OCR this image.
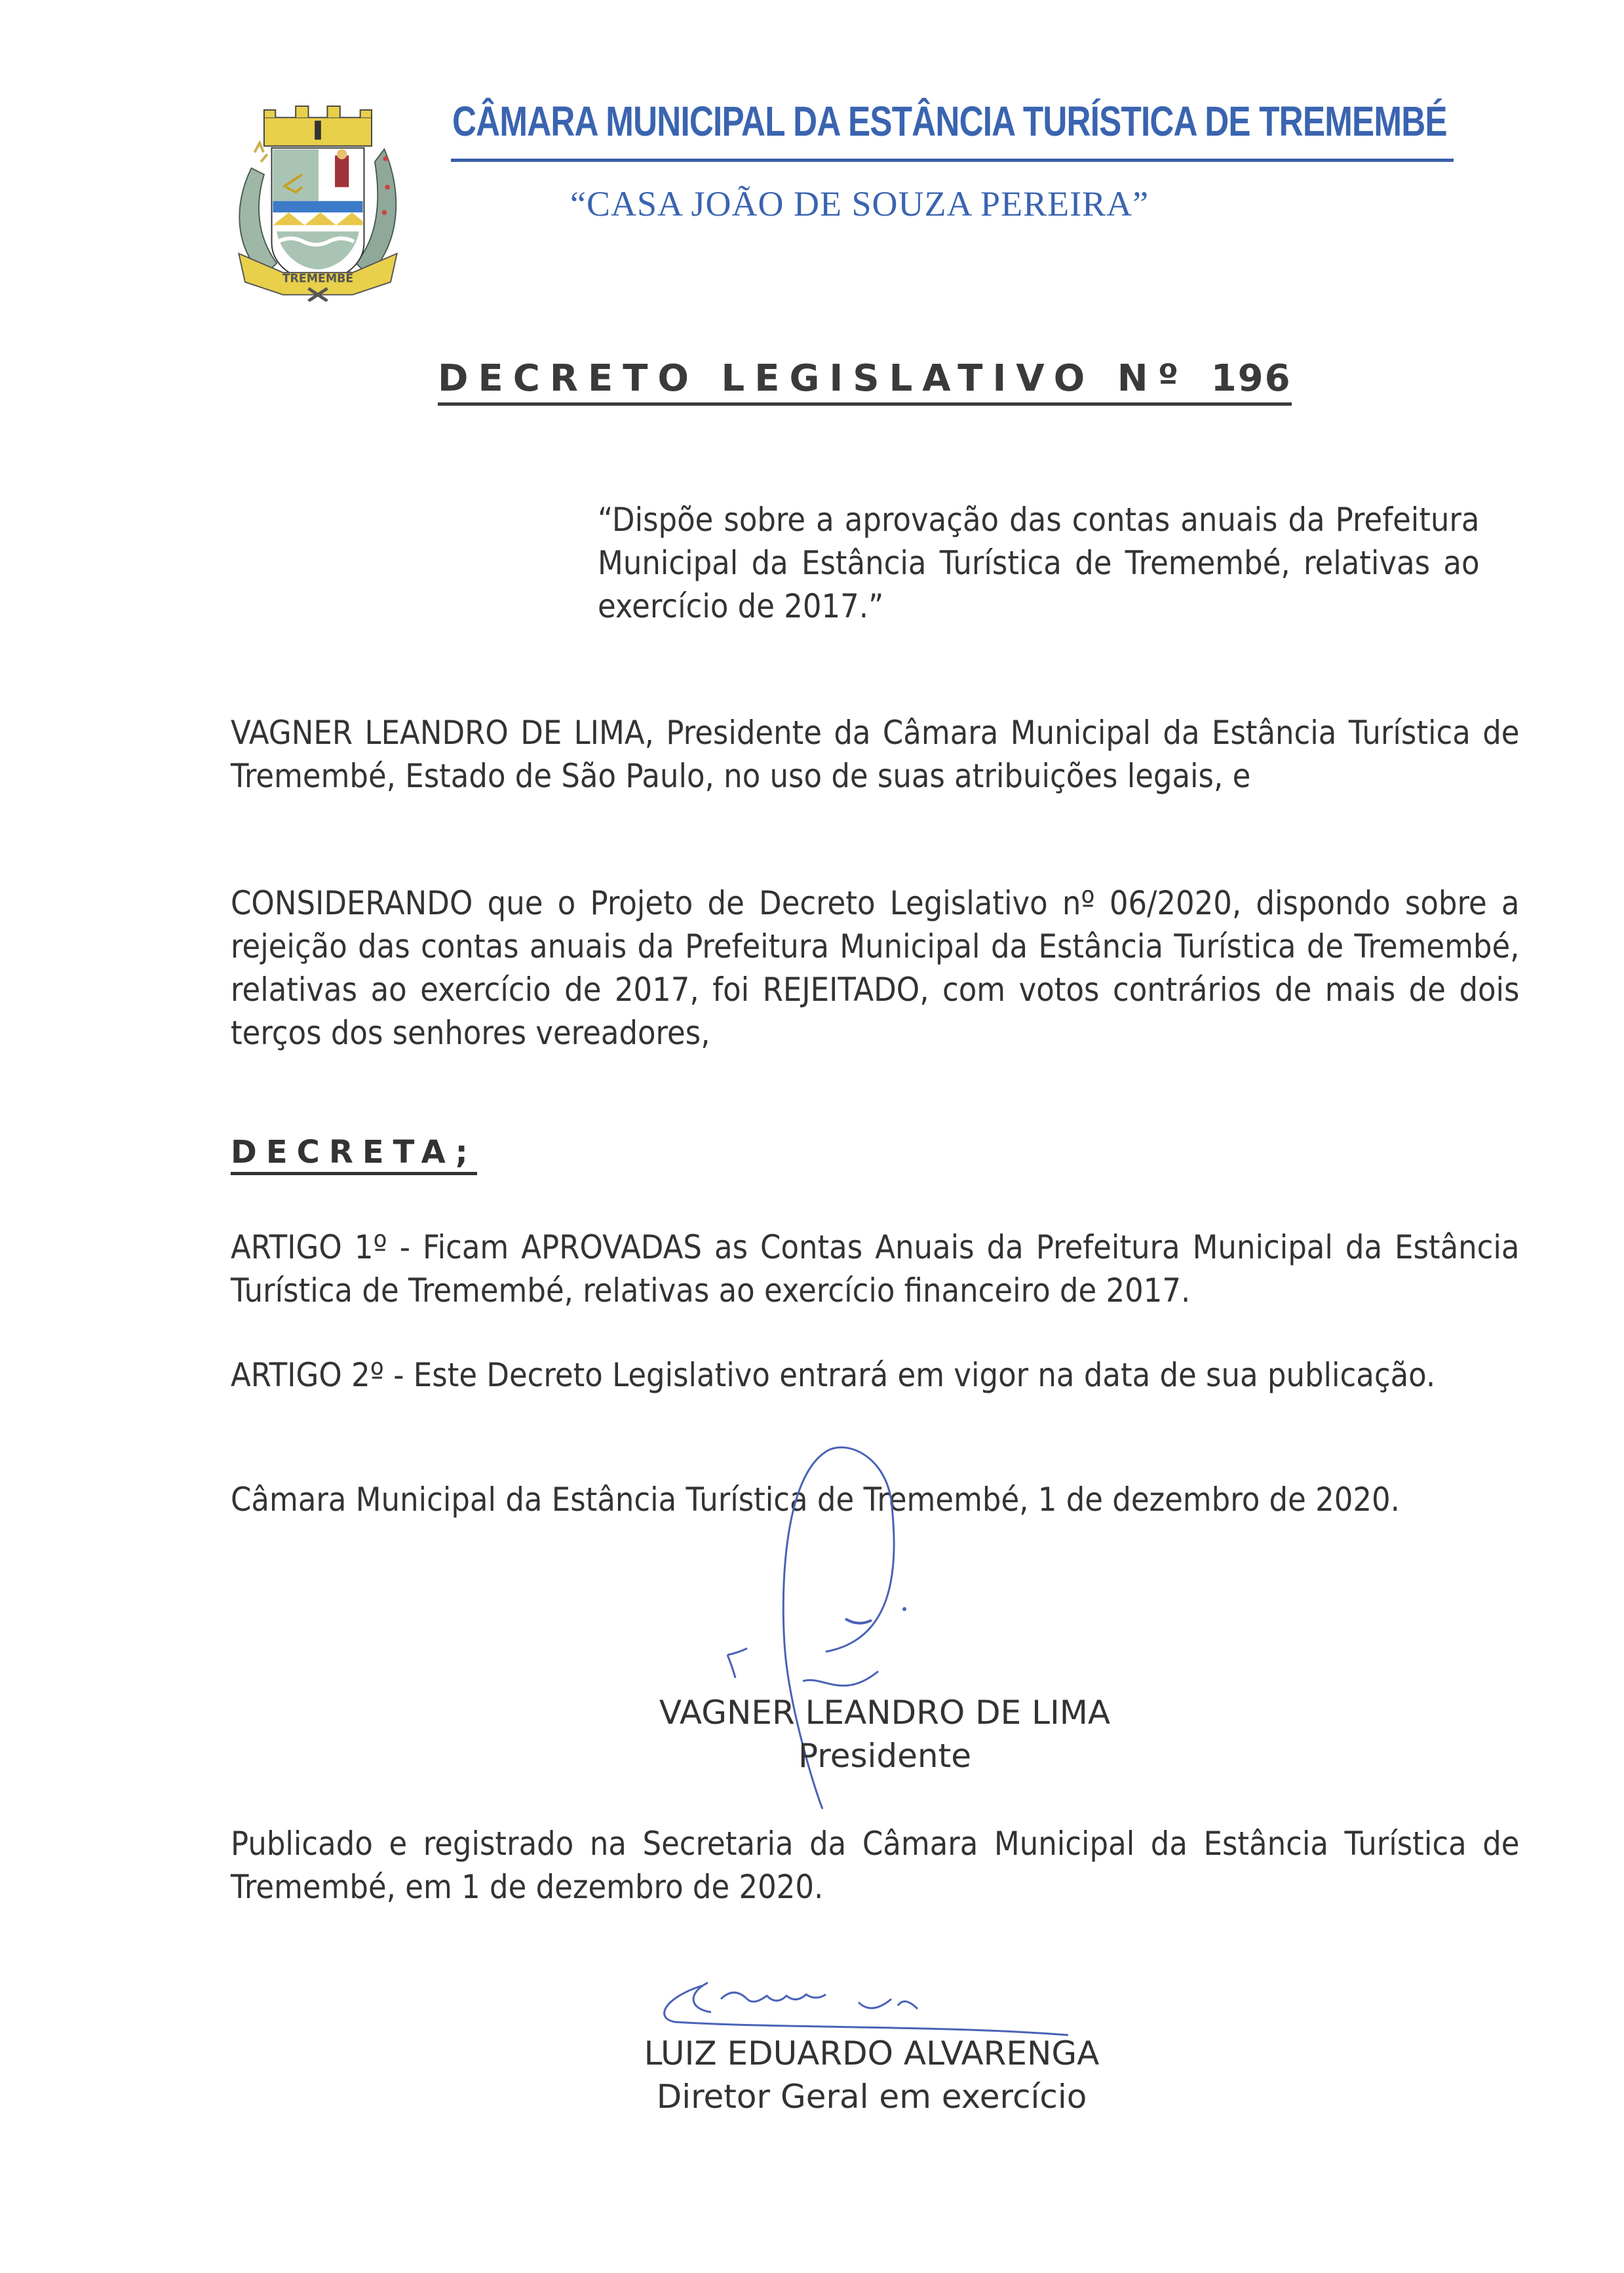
TREMEMBÉ
CÂMARA MUNICIPAL DA ESTÂNCIA TURÍSTICA DE TREMEMBÉ
“CASA JOÃO DE SOUZA PEREIRA”
DECRETO LEGISLATIVO Nº 196
“Dispõe sobre a aprovação das contas anuais da Prefeitura Municipal da Estância Turística de Tremembé, relativas ao exercício de 2017.”
VAGNER LEANDRO DE LIMA, Presidente da Câmara Municipal da Estância Turística de Tremembé, Estado de São Paulo, no uso de suas atribuições legais, e
CONSIDERANDO que o Projeto de Decreto Legislativo nº 06/2020, dispondo sobre a rejeição das contas anuais da Prefeitura Municipal da Estância Turística de Tremembé, relativas ao exercício de 2017, foi REJEITADO, com votos contrários de mais de dois terços dos senhores vereadores,
DECRETA;
ARTIGO 1º - Ficam APROVADAS as Contas Anuais da Prefeitura Municipal da Estância Turística de Tremembé, relativas ao exercício financeiro de 2017.
ARTIGO 2º - Este Decreto Legislativo entrará em vigor na data de sua publicação.
Câmara Municipal da Estância Turística de Tremembé, 1 de dezembro de 2020.
VAGNER LEANDRO DE LIMA
Presidente
Publicado e registrado na Secretaria da Câmara Municipal da Estância Turística de Tremembé, em 1 de dezembro de 2020.
LUIZ EDUARDO ALVARENGA
Diretor Geral em exercício
